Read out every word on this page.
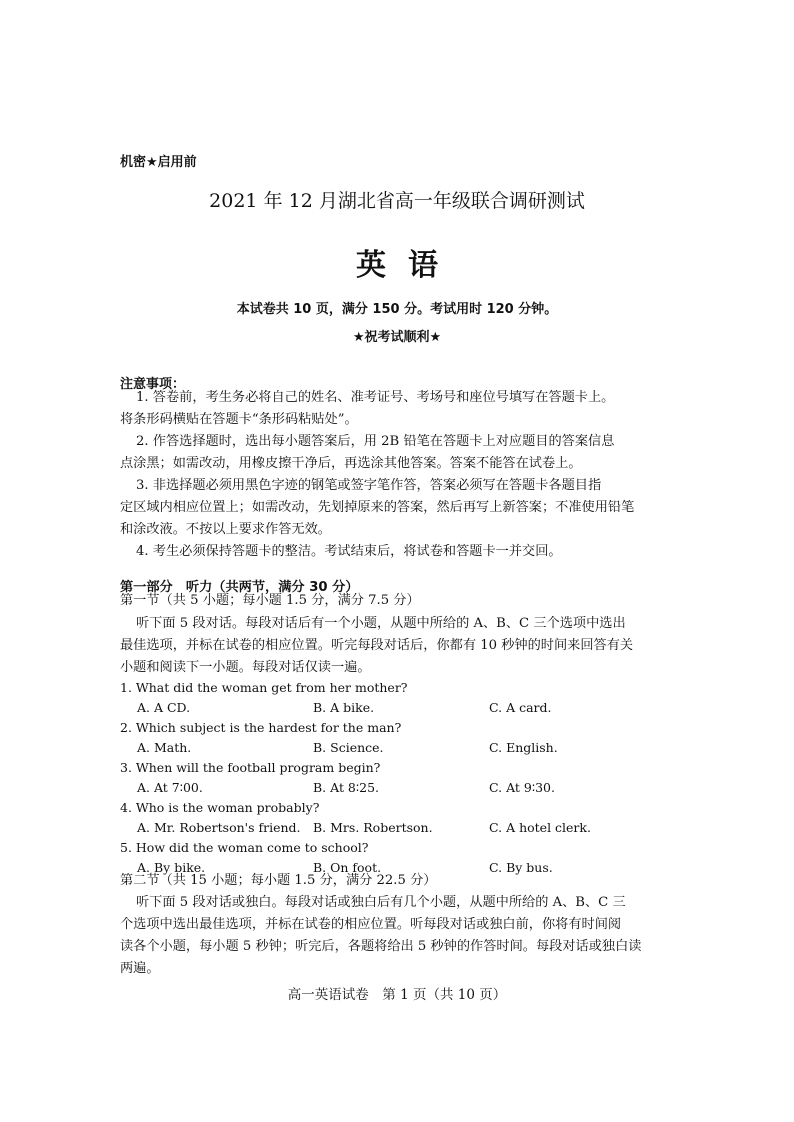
机密★启用前
2021 年 12 月湖北省高一年级联合调研测试
英语
本试卷共 10 页，满分 150 分。考试用时 120 分钟。
★祝考试顺利★
注意事项：
1. 答卷前，考生务必将自己的姓名、准考证号、考场号和座位号填写在答题卡上。
将条形码横贴在答题卡“条形码粘贴处”。
2. 作答选择题时，选出每小题答案后，用 2B 铅笔在答题卡上对应题目的答案信息
点涂黑；如需改动，用橡皮擦干净后，再选涂其他答案。答案不能答在试卷上。
3. 非选择题必须用黑色字迹的钢笔或签字笔作答，答案必须写在答题卡各题目指
定区域内相应位置上；如需改动，先划掉原来的答案，然后再写上新答案；不准使用铅笔
和涂改液。不按以上要求作答无效。
4. 考生必须保持答题卡的整洁。考试结束后，将试卷和答题卡一并交回。
第一部分　听力（共两节，满分 30 分）
第一节（共 5 小题；每小题 1.5 分，满分 7.5 分）
听下面 5 段对话。每段对话后有一个小题，从题中所给的 A、B、C 三个选项中选出
最佳选项，并标在试卷的相应位置。听完每段对话后，你都有 10 秒钟的时间来回答有关
小题和阅读下一小题。每段对话仅读一遍。
1. What did the woman get from her mother?
A. A CD.	B. A bike.	C. A card.
2. Which subject is the hardest for the man?
A. Math.	B. Science.	C. English.
3. When will the football program begin?
A. At 7∶00.	B. At 8∶25.	C. At 9∶30.
4. Who is the woman probably?
A. Mr. Robertson's friend. B. Mrs. Robertson.	C. A hotel clerk.
5. How did the woman come to school?
A. By bike.	B. On foot.	C. By bus.
第二节（共 15 小题；每小题 1.5 分，满分 22.5 分）
听下面 5 段对话或独白。每段对话或独白后有几个小题，从题中所给的 A、B、C 三
个选项中选出最佳选项，并标在试卷的相应位置。听每段对话或独白前，你将有时间阅
读各个小题，每小题 5 秒钟；听完后，各题将给出 5 秒钟的作答时间。每段对话或独白读
两遍。
高一英语试卷　第 1 页（共 10 页）
